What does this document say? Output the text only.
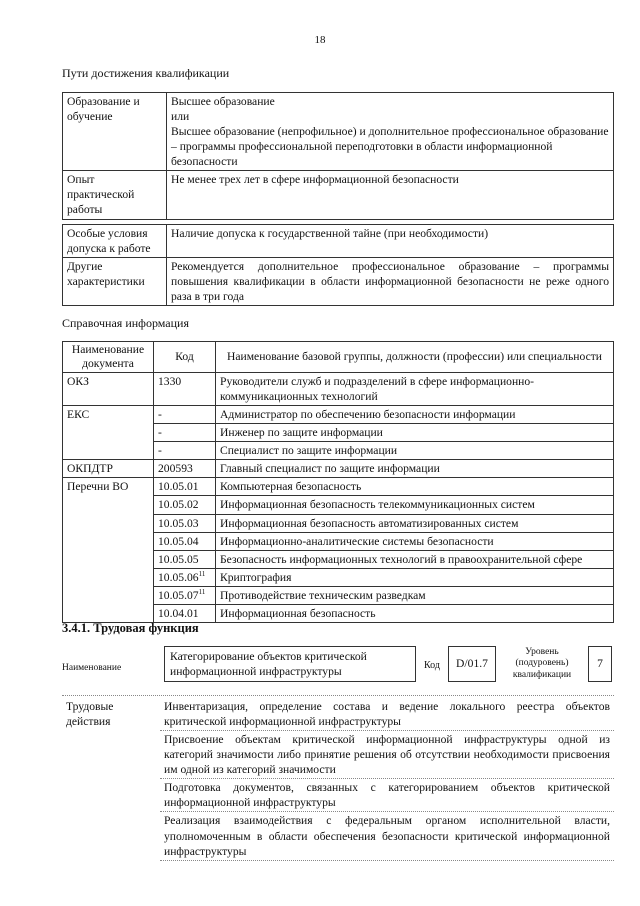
18
Пути достижения квалификации
Образование и обучение	Высшее образование
или
Высшее образование (непрофильное) и дополнительное профессиональное образование – программы профессиональной переподготовки в области информационной безопасности

Опыт практической работы	Не менее трех лет в сфере информационной безопасности
Особые условия допуска к работе	Наличие допуска к государственной тайне (при необходимости)
Другие характеристики	Рекомендуется дополнительное профессиональное образование – программы повышения квалификации в области информационной безопасности не реже одного раза в три года
Справочная информация
Наименование документа	Код	Наименование базовой группы, должности (профессии) или специальности
ОКЗ	1330	Руководители служб и подразделений в сфере информационно-коммуникационных технологий
ЕКС	-	Администратор по обеспечению безопасности информации
	-	Инженер по защите информации
	-	Специалист по защите информации
ОКПДТР	200593	Главный специалист по защите информации
Перечни ВО	10.05.01	Компьютерная безопасность
	10.05.02	Информационная безопасность телекоммуникационных систем
	10.05.03	Информационная безопасность автоматизированных систем
	10.05.04	Информационно-аналитические системы безопасности
	10.05.05	Безопасность информационных технологий в правоохранительной сфере
	10.05.06$^{11}$	Криптография
	10.05.07$^{11}$	Противодействие техническим разведкам
	10.04.01	Информационная безопасность
3.4.1. Трудовая функция
Наименование
Категорирование объектов критической информационной инфраструктуры	Код	D/01.7
Уровень (подуровень) квалификации
7
Трудовые действия	Инвентаризация, определение состава и ведение локального реестра объектов критической информационной инфраструктуры
Присвоение объектам критической информационной инфраструктуры одной из категорий значимости либо принятие решения об отсутствии необходимости присвоения им одной из категорий значимости
Подготовка документов, связанных с категорированием объектов критической информационной инфраструктуры
Реализация взаимодействия с федеральным органом исполнительной власти, уполномоченным в области обеспечения безопасности критической информационной инфраструктуры
